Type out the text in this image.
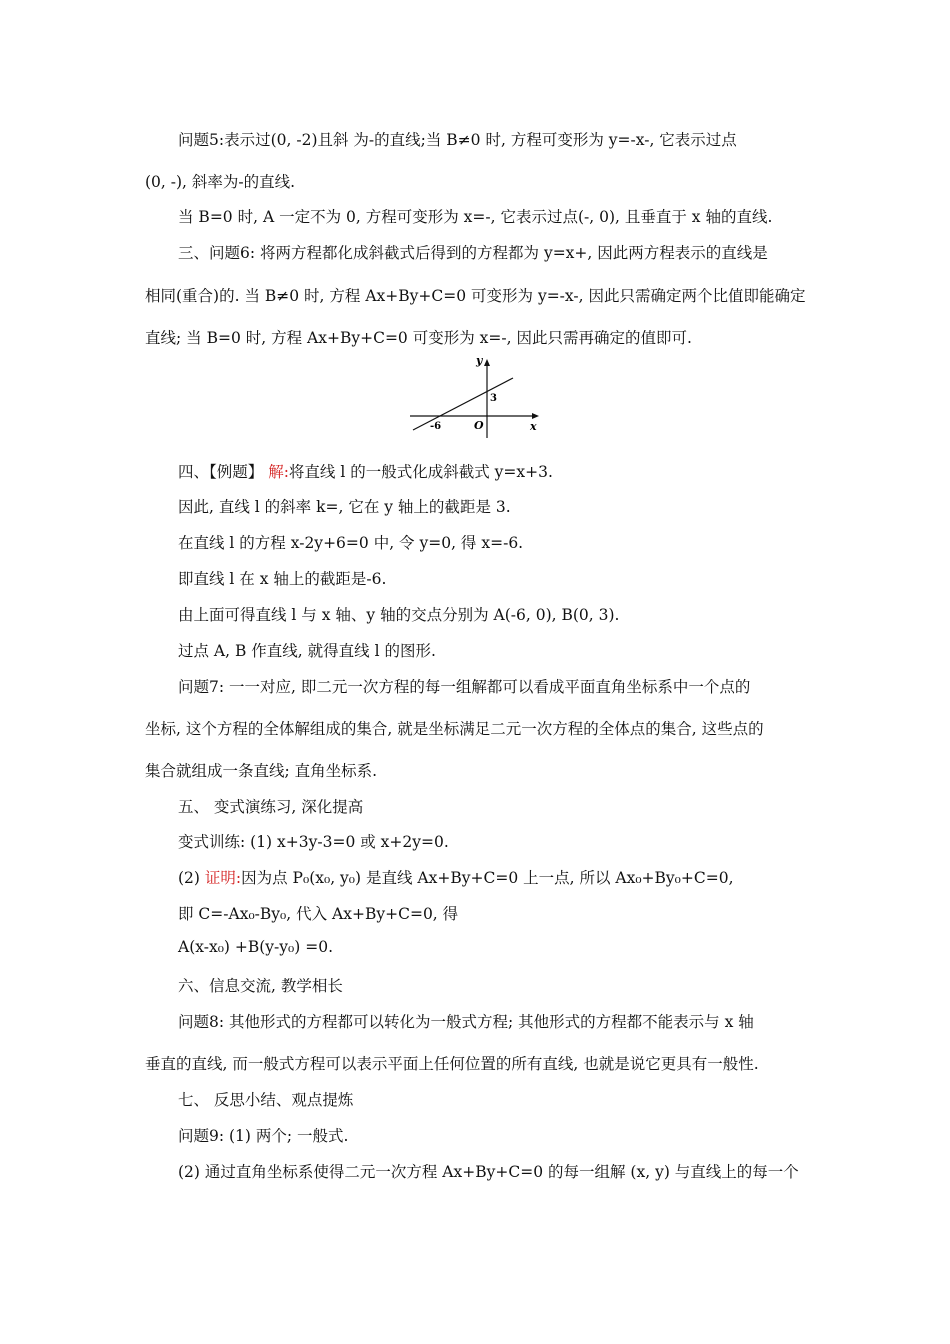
问题5:表示过(0, -2)且斜 为-的直线;当 B≠0 时, 方程可变形为 y=-x-, 它表示过点
(0, -), 斜率为-的直线.
当 B=0 时, A 一定不为 0, 方程可变形为 x=-, 它表示过点(-, 0), 且垂直于 x 轴的直线.
三、问题6: 将两方程都化成斜截式后得到的方程都为 y=x+, 因此两方程表示的直线是
相同(重合)的. 当 B≠0 时, 方程 Ax+By+C=0 可变形为 y=-x-, 因此只需确定两个比值即能确定
直线; 当 B=0 时, 方程 Ax+By+C=0 可变形为 x=-, 因此只需再确定的值即可.
y
x
O
-6
3
四、【例题】 解:将直线 l 的一般式化成斜截式 y=x+3.
因此, 直线 l 的斜率 k=, 它在 y 轴上的截距是 3.
在直线 l 的方程 x-2y+6=0 中, 令 y=0, 得 x=-6.
即直线 l 在 x 轴上的截距是-6.
由上面可得直线 l 与 x 轴、y 轴的交点分别为 A(-6, 0), B(0, 3).
过点 A, B 作直线, 就得直线 l 的图形.
问题7: 一一对应, 即二元一次方程的每一组解都可以看成平面直角坐标系中一个点的
坐标, 这个方程的全体解组成的集合, 就是坐标满足二元一次方程的全体点的集合, 这些点的
集合就组成一条直线; 直角坐标系.
五、 变式演练习, 深化提高
变式训练: (1) x+3y-3=0 或 x+2y=0.
(2) 证明:因为点 P₀(x₀, y₀) 是直线 Ax+By+C=0 上一点, 所以 Ax₀+By₀+C=0,
即 C=-Ax₀-By₀, 代入 Ax+By+C=0, 得
A(x-x₀) +B(y-y₀) =0.
六、信息交流, 教学相长
问题8: 其他形式的方程都可以转化为一般式方程; 其他形式的方程都不能表示与 x 轴
垂直的直线, 而一般式方程可以表示平面上任何位置的所有直线, 也就是说它更具有一般性.
七、 反思小结、观点提炼
问题9: (1) 两个; 一般式.
(2) 通过直角坐标系使得二元一次方程 Ax+By+C=0 的每一组解 (x, y) 与直线上的每一个
